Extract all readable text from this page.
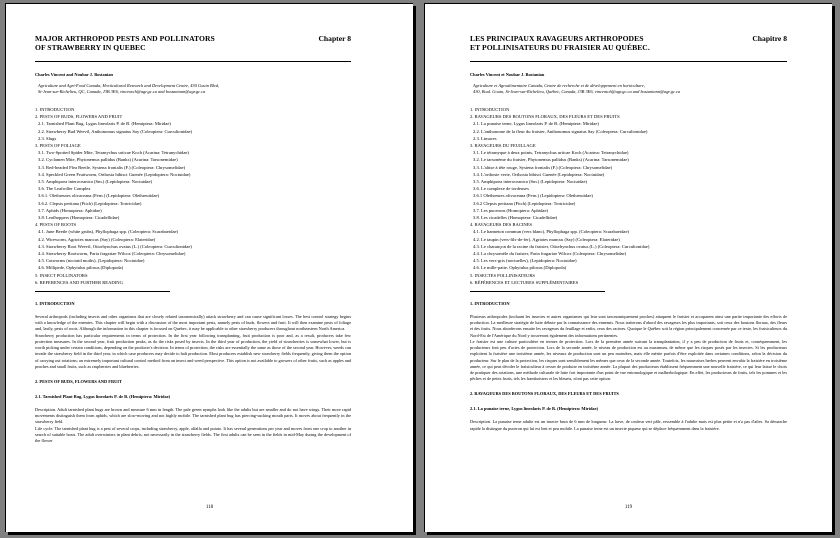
MAJOR ARTHROPOD PESTS AND POLLINATORS
OF STRAWBERRY IN QUEBEC
Chapter 8
Charles Vincent and Noubar J. Bostanian
Agriculture and Agri-Food Canada, Horticultural Research and Development Centre, 430 Gouin Blvd,
St-Jean-sur-Richelieu, QC, Canada, J3B 3E6, vincentch@agr.gc.ca and bostaniann@agr.gc.ca
1. INTRODUCTION
2. PESTS OF BUDS, FLOWERS AND FRUIT
2.1. Tarnished Plant Bug, Lygus lineolaris P. de B. (Hemiptera: Miridae)
2.2. Strawberry Bud Weevil, Anthonomus signatus Say (Coleoptera: Curculionidae)
2.3. Slugs
3. PESTS OF FOLIAGE
3.1. Two-Spotted Spider Mite, Tetranychus urticae Koch (Acarina: Tetranychidae)
3.2. Cyclamen Mite, Phytonemus pallidus (Banks) (Acarina: Tarsonemidae)
3.3. Red-headed Flea Beetle, Systena frontalis (F.) (Coleoptera: Chrysomelidae)
3.4. Speckled Green Fruitworm, Orthosia hibisci Guenée (Lepidoptera: Noctuidae)
3.5. Amphipoea interoceanica (Sm.) (Lepidoptera: Noctuidae)
3.6. The Leafroller Complex
3.6.1. Olethreutes olivaceana (Fern.) (Lepidoptera: Olethreutidae)
3.6.2. Clepsis peritana (Fitch) (Lepidoptera: Tortricidae)
3.7. Aphids (Homoptera: Aphidae)
3.8. Leafhoppers (Homoptera: Cicadellidae)
4. PESTS OF ROOTS
4.1. June Beetle (white grubs), Phyllophaga spp. (Coleoptera: Scarabaeidae)
4.2. Wireworm, Agriotes mancus (Say) (Coleoptera: Elateridae)
4.3. Strawberry Root Weevil, Otiorhynchus ovatus (L.) (Coleoptera: Curculionidae)
4.4. Strawberry Rootworm, Paria fragariae Wilcox (Coleoptera: Chrysomelidae)
4.5. Cutworms (noctuid moths), (Lepidoptera: Noctuidae)
4.6. Millipede, Ophyiulus pilosus (Diplopoda)
5. INSECT POLLINATORS
6. REFERENCES AND FURTHER READING
1. INTRODUCTION
Several arthropods (including insects and other organisms that are closely related taxonomically) attack strawberry and can cause significant losses. The best control strategy begins with a knowledge of the enemies. This chapter will begin with a discussion of the most important pests, namely pests of buds, flowers and fruit. It will then examine pests of foliage and, lastly, pests of roots. Although the information in this chapter is focused on Quebec, it may be applicable to other strawberry producers throughout northeastern North America.
Strawberry production has particular requirements in terms of protection. In the first year following transplanting, fruit production is poor and, as a result, producers take few protection measures. In the second year, fruit production peaks, as do the risks posed by insects. In the third year of production, the yield of strawberries is somewhat lower, but is worth picking under certain conditions, depending on the producer's decision. In terms of protection, the risks are essentially the same as those of the second year. However, weeds can invade the strawberry field in the third year, in which case producers may decide to halt production. Most producers establish new strawberry fields frequently, giving them the option of carrying out rotations; an extremely important cultural control method from an insect and weed perspective. This option is not available to growers of other fruits, such as apples and peaches and small fruits, such as raspberries and blueberries.
2. PESTS OF BUDS, FLOWERS AND FRUIT
2.1. Tarnished Plant Bug, Lygus lineolaris P. de B. (Hemiptera: Miridae)
Description. Adult tarnished plant bugs are brown and measure 6 mm in length. The pale green nymphs look like the adults but are smaller and do not have wings. Their more rapid movements distinguish them from aphids, which are slow-moving and not highly mobile. The tarnished plant bug has piercing-sucking mouth parts. It moves about frequently in the strawberry field.
Life cycle. The tarnished plant bug is a pest of several crops, including strawberry, apple, alfalfa and potato. It has several generations per year and moves from one crop to another in search of suitable hosts. The adult overwinters in plant debris, not necessarily in the strawberry fields. The first adults can be seen in the fields in mid-May during the development of the flower
118
LES PRINCIPAUX RAVAGEURS ARTHROPODES
ET POLLINISATEURS DU FRAISIER AU QUÉBEC.
Chapitre 8
Charles Vincent et Noubar J. Bostanian
Agriculture et Agroalimentaire Canada, Centre de recherche et de développement en horticulture,
430, Boul. Gouin, St-Jean-sur-Richelieu, Québec, Canada, J3B 3E6, vincentch@agr.gc.ca and bostaniann@agr.gc.ca
1. INTRODUCTION
2. RAVAGEURS DES BOUTONS FLORAUX, DES FLEURS ET DES FRUITS
2.1. La punaise terne, Lygus lineolaris P. de B. (Hemiptera: Miridae)
2.2. L'anthonome de la fleur du fraisier, Anthonomus signatus Say (Coleoptera: Curculionidae)
2.3. Limaces
3. RAVAGEURS DU FEUILLAGE
3.1. Le tétranyque à deux points, Tetranychus urticae Koch (Acarina: Tetranychidae)
3.2. Le tarsonème du fraisier, Phytonemus pallidus (Banks) (Acarina: Tarsonemidae)
3.3. L'altise à tête rouge, Systena frontalis (F.) (Coleoptera: Chrysomelidae)
3.4. L'orthosie verte, Orthosia hibisci Guenée (Lepidoptera: Noctuidae)
3.5. Amphipoea interoceanica (Sm.) (Lepidoptera: Noctuidae)
3.6. Le complexe de tordeuses
3.6.1 Olethreutes olivaceana (Fern.) (Lepidoptera: Olethreutidae)
3.6.2 Clepsis peritana (Fitch) (Lepidoptera: Tortricidae)
3.7. Les pucerons (Homoptera: Aphidae)
3.8. Les cicadelles (Homoptera: Cicadellidae)
4. RAVAGEURS DES RACINES
4.1. Le hanneton commun (vers blanc), Phyllophaga spp. (Coleoptera: Scarabaeidae)
4.2. Le taupin (vers-fils-de-fer), Agriotes mancus (Say) (Coleoptera: Elateridae)
4.3. Le charançon de la racine du fraisier, Otiorhynchus ovatus (L.) (Coleoptera: Curculionidae)
4.4. La chrysomèle du fraisier, Paria fragariae Wilcox (Coleoptera: Chrysomelidae)
4.5. Les vers-gris (noctuelles), (Lepidoptera: Noctuidae)
4.6. Le mille-patte, Ophyiulus pilosus (Diplopoda)
5. INSECTES POLLINISATEURS
6. RÉFÉRENCES ET LECTURES SUPPLÉMENTAIRES
1. INTRODUCTION
Plusieurs arthropodes (incluant les insectes et autres organismes qui leur sont taxonomiquement proches) attaquent le fraisier et accaparent ainsi une partie importante des efforts de production. La meilleure stratégie de lutte débute par la connaissance des ennemis. Nous traiterons d'abord des ravageurs les plus importants, soit ceux des boutons floraux, des fleurs et des fruits. Nous aborderons ensuite les ravageurs du feuillage et enfin, ceux des racines. Quoique le Québec soit la région principalement concernée par ce texte, les fraisiculteurs du Nord-Est de l'Amérique du Nord y trouveront également des informations pertinentes.
Le fraisier est une culture particulière en termes de protection. Lors de la première année suivant la transplantation, il y a peu de production de fruits et, conséquemment, les producteurs font peu d'actes de protection. Lors de la seconde année, le niveau de production est au maximum, de même que les risques posés par les insectes. Si les producteurs exploitent la fraisière une troisième année, les niveaux de production sont un peu moindres, mais elle mérite parfois d'être exploitée dans certaines conditions, selon la décision du producteur. Sur le plan de la protection, les risques sont sensiblement les mêmes que ceux de la seconde année. Toutefois, les mauvaises herbes peuvent envahir la fraisière en troisième année, ce qui peut décider le fraisiculteur à cesser de produire en troisième année. La plupart des producteurs établissent fréquemment une nouvelle fraisière, ce qui leur laisse le choix de pratiquer des rotations, une méthode culturale de lutte fort importante d'un point de vue entomologique et malherbologique. En effet, les producteurs de fruits, tels les pommes et les pêches et de petits fruits, tels les framboisiers et les bleuets, n'ont pas cette option.
2. RAVAGEURS DES BOUTONS FLORAUX, DES FLEURS ET DES FRUITS
2.1. La punaise terne, Lygus lineolaris P. de B. (Hemiptera: Miridae)
Description. La punaise terne adulte est un insecte brun de 6 mm de longueur. La larve, de couleur vert pâle, ressemble à l'adulte mais est plus petite et n'a pas d'ailes. Sa démarche rapide la distingue du puceron qui lui est lent et peu mobile. La punaise terne est un insecte piqueur qui se déplace fréquemment dans la fraisière.
119
